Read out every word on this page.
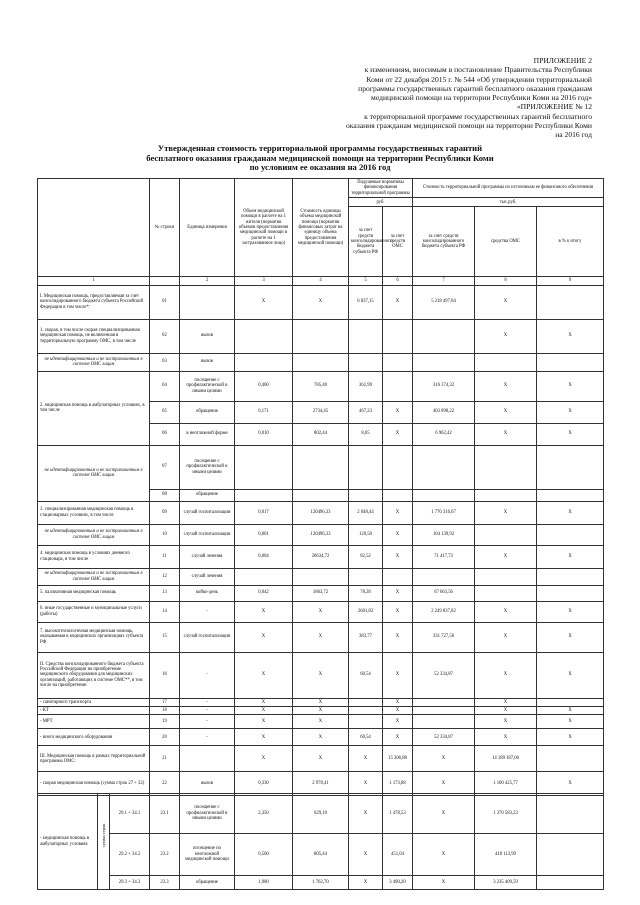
ПРИЛОЖЕНИЕ 2
к изменениям, вносимым в постановление Правительства Республики
Коми от 22 декабря 2015 г. № 544 «Об утверждении территориальной
программы государственных гарантий бесплатного оказания гражданам
медицинской помощи на территории Республики Коми на 2016 год»
«ПРИЛОЖЕНИЕ № 12
к территориальной программе государственных гарантий бесплатного
оказания гражданам медицинской помощи на территории Республики Коми
на 2016 год
Утвержденная стоимость территориальной программы государственных гарантий
бесплатного оказания гражданам медицинской помощи на территории Республики Коми
по условиям ее оказания на 2016 год
	№ строки	Единица измерения	Объем медицинской помощи в расчете на 1 жителя (норматив объемов предоставления медицинской помощи в расчете на 1 застрахованное лицо)	Стоимость единицы объема медицинской помощи (норматив финансовых затрат на единицу объема предоставления медицинской помощи)	Подушевые нормативы финансирования территориальной программы		Стоимость территориальной программы по источникам ее финансового обеспечения		
					руб.		тыс.руб.		
					за счет средств консолидированного бюджета субъекта РФ	за счет средств ОМС	за счет средств консолидированного бюджета субъекта РФ	средства ОМС	в % к итогу
1		2	3	4	5	6	7	8	9
I. Медицинская помощь, предоставляемая за счет консолидированного бюджета субъекта Российской Федерации в том числе*:	01		X	X	6 837,15	X	5 218 497,84	X	
1. скорая, в том числе скорая специализированная медицинская помощь, не включенная в территориальную программу ОМС, в том числе	02	вызов						X	X
не идентифицированным и не застрахованным в системе ОМС лицам	03	вызов							
2. медицинская помощь в амбулаторных условиях, в том числе	04	посещение с профилактической и иными целями	0,460	785,40	361,99		316 374,32	X	X
	05	обращение	0,171	2734,45	467,23	X	403 898,22	X	X
	06	в неотложной форме	0,010	802,44	8,05	X	6 962,42	X	X
не идентифицированным и не застрахованным в системе ОМС лицам	07	посещение с профилактической и иными целями							
	08	обращение							
3. специализированная медицинская помощь в стационарных условиях, в том числе	09	случай госпитализации	0,017	120496,33	2 048,44	X	1 770 316,67	X	X
не идентифицированным и не застрахованным в системе ОМС лицам	10	случай госпитализации	0,001	120496,33	120,50	X	104 139,92		
4. медицинская помощь в условиях дневного стационара, в том числе	11	случай лечения	0,004	20634,72	82,52	X	71 417,73	X	X
не идентифицированным и не застрахованным в системе ОМС лицам	12	случай лечения							
5. паллиативная медицинская помощь	13	койко-день	0,042	1863,72	78,28	X	67 663,56		
6. иные государственные и муниципальные услуги (работы)	14	-	X	X	2601,82	X	2 249 837,82	X	X
7. высокотехнологичная медицинская помощь, оказываемая в медицинских организациях субъекта РФ	15	случай госпитализации	X	X	383,77	X	331 727,56	X	X
II. Средства консолидированного бюджета субъекта Российской Федерации на приобретение медицинского оборудования для медицинских организаций, работающих в системе ОМС**, в том числе на приобретение:	16	-	X	X	60,54	X	52 334,87	X	X
- санитарного транспорта	17	-	X	X		X		X	
- КТ	18	-	X	X		X		X	X
- МРТ	19	-	X	X		X		X	X
- иного медицинского оборудования	20	-	X	X	60,54	X	52 334,87	X	X
III. Медицинская помощь в рамках территориальной программы ОМС:	21		X	X	X	15 306,88	X	14 189 187,00	
- скорая медицинская помощь (сумма строк 27 + 32)	22	вызов	0,330	2 978,41	X	1 173,88	X	1 100 425,77	X
- медицинская помощь в амбулаторных условиях	сумма строк	29.1 + 34.1	23.1	посещение с профилактической и иными целями	2,350	629,10	X	1 478,53	X	1 370 583,23	
		29.2 + 34.2	23.2	посещение по неотложной медицинской помощи	0,560	805,44	X	451,04	X	418 113,99	
		29.3 + 34.3	23.3	обращение	1,980	1 762,70	X	3 490,20	X	3 235 409,59	
